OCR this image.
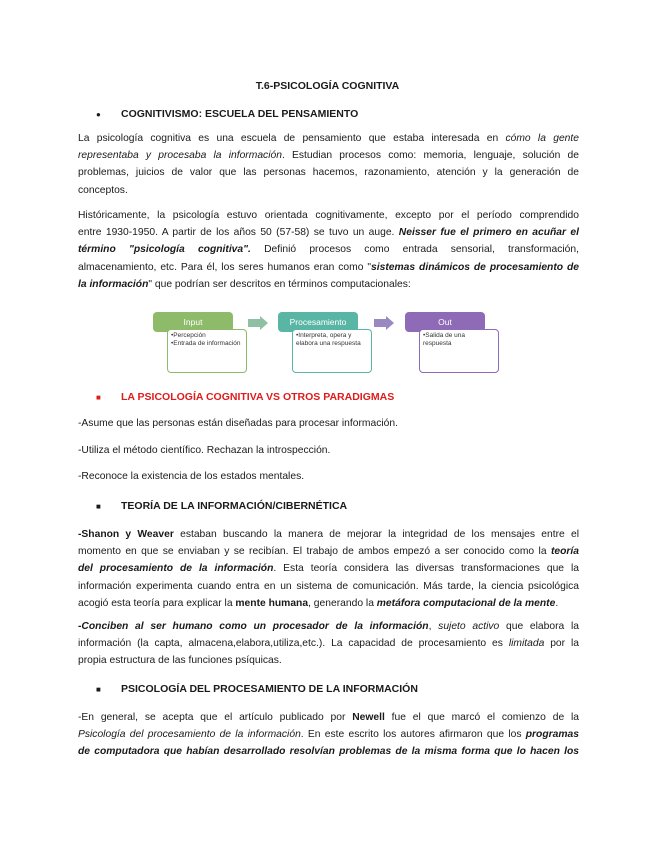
T.6-PSICOLOGÍA COGNITIVA
●	COGNITIVISMO: ESCUELA DEL PENSAMIENTO
La psicología cognitiva es una escuela de pensamiento que estaba interesada en cómo la gente
representaba y procesaba la información. Estudian procesos como: memoria, lenguaje, solución de
problemas, juicios de valor que las personas hacemos, razonamiento, atención y la generación de
conceptos.
Históricamente, la psicología estuvo orientada cognitivamente, excepto por el período comprendido
entre 1930-1950. A partir de los años 50 (57-58) se tuvo un auge. Neisser fue el primero en acuñar el
término "psicología cognitiva". Definió procesos como entrada sensorial, transformación,
almacenamiento, etc. Para él, los seres humanos eran como "sistemas dinámicos de procesamiento de
la información" que podrían ser descritos en términos computacionales:
Input
•Percepción
•Entrada de información
Procesamiento
•Interpreta, opera y elabora una respuesta
Out
•Salida de una respuesta
■	LA PSICOLOGÍA COGNITIVA VS OTROS PARADIGMAS
-Asume que las personas están diseñadas para procesar información.
-Utiliza el método científico. Rechazan la introspección.
-Reconoce la existencia de los estados mentales.
■	TEORÍA DE LA INFORMACIÓN/CIBERNÉTICA
-Shanon y Weaver estaban buscando la manera de mejorar la integridad de los mensajes entre el
momento en que se enviaban y se recibían. El trabajo de ambos empezó a ser conocido como la teoría
del procesamiento de la información. Esta teoría considera las diversas transformaciones que la
información experimenta cuando entra en un sistema de comunicación. Más tarde, la ciencia psicológica
acogió esta teoría para explicar la mente humana, generando la metáfora computacional de la mente.
-Conciben al ser humano como un procesador de la información, sujeto activo que elabora la
información (la capta, almacena,elabora,utiliza,etc.). La capacidad de procesamiento es limitada por la
propia estructura de las funciones psíquicas.
■	PSICOLOGÍA DEL PROCESAMIENTO DE LA INFORMACIÓN
-En general, se acepta que el artículo publicado por Newell fue el que marcó el comienzo de la
Psicología del procesamiento de la información. En este escrito los autores afirmaron que los programas
de computadora que habían desarrollado resolvían problemas de la misma forma que lo hacen los
